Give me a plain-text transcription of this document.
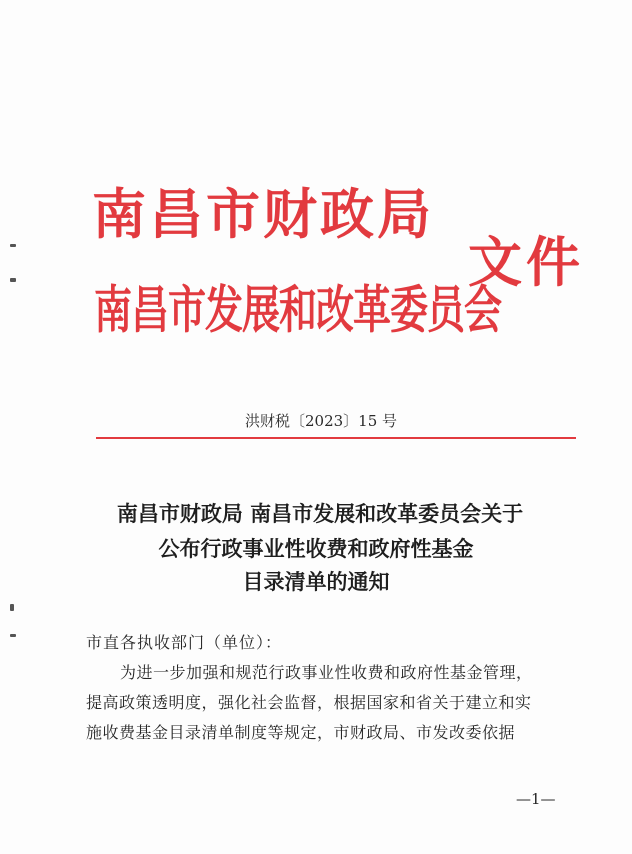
南昌市财政局
南昌市发展和改革委员会
文件
洪财税〔2023〕15 号
南昌市财政局 南昌市发展和改革委员会关于
公布行政事业性收费和政府性基金
目录清单的通知
市直各执收部门（单位）：
为进一步加强和规范行政事业性收费和政府性基金管理，
提高政策透明度，强化社会监督，根据国家和省关于建立和实
施收费基金目录清单制度等规定，市财政局、市发改委依据
—1—
